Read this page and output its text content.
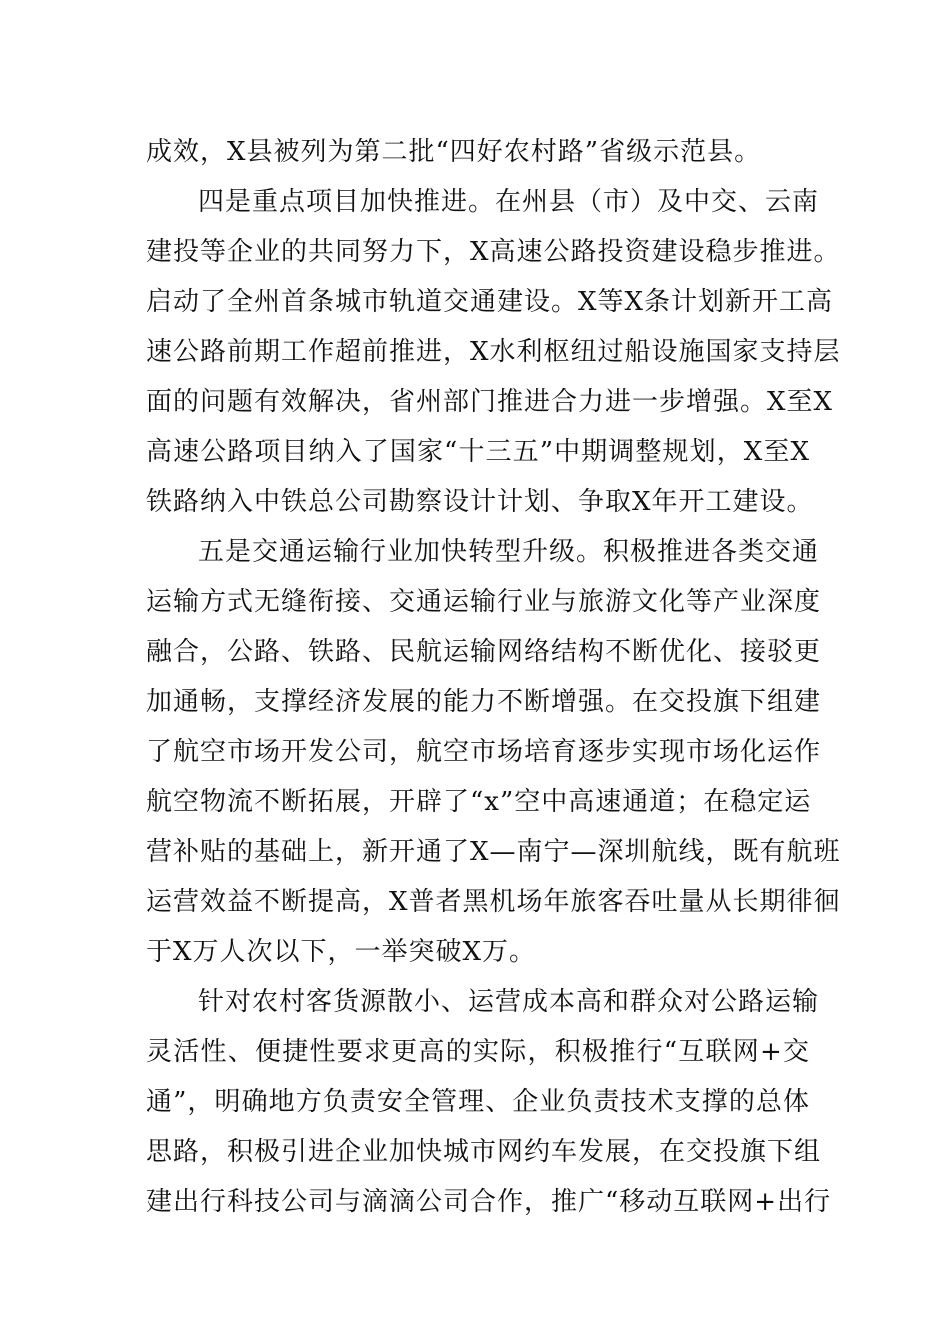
成效，X县被列为第二批“四好农村路”省级示范县。

四是重点项目加快推进。在州县（市）及中交、云南

建投等企业的共同努力下，X高速公路投资建设稳步推进。

启动了全州首条城市轨道交通建设。X等X条计划新开工高

速公路前期工作超前推进，X水利枢纽过船设施国家支持层

面的问题有效解决，省州部门推进合力进一步增强。X至X

高速公路项目纳入了国家“十三五”中期调整规划，X至X

铁路纳入中铁总公司勘察设计计划、争取X年开工建设。

五是交通运输行业加快转型升级。积极推进各类交通

运输方式无缝衔接、交通运输行业与旅游文化等产业深度

融合，公路、铁路、民航运输网络结构不断优化、接驳更

加通畅，支撑经济发展的能力不断增强。在交投旗下组建

了航空市场开发公司，航空市场培育逐步实现市场化运作

航空物流不断拓展，开辟了“x”空中高速通道；在稳定运

营补贴的基础上，新开通了X—南宁—深圳航线，既有航班

运营效益不断提高，X普者黑机场年旅客吞吐量从长期徘徊

于X万人次以下，一举突破X万。

针对农村客货源散小、运营成本高和群众对公路运输

灵活性、便捷性要求更高的实际，积极推行“互联网+交

通”，明确地方负责安全管理、企业负责技术支撑的总体

思路，积极引进企业加快城市网约车发展，在交投旗下组

建出行科技公司与滴滴公司合作，推广“移动互联网+出行
